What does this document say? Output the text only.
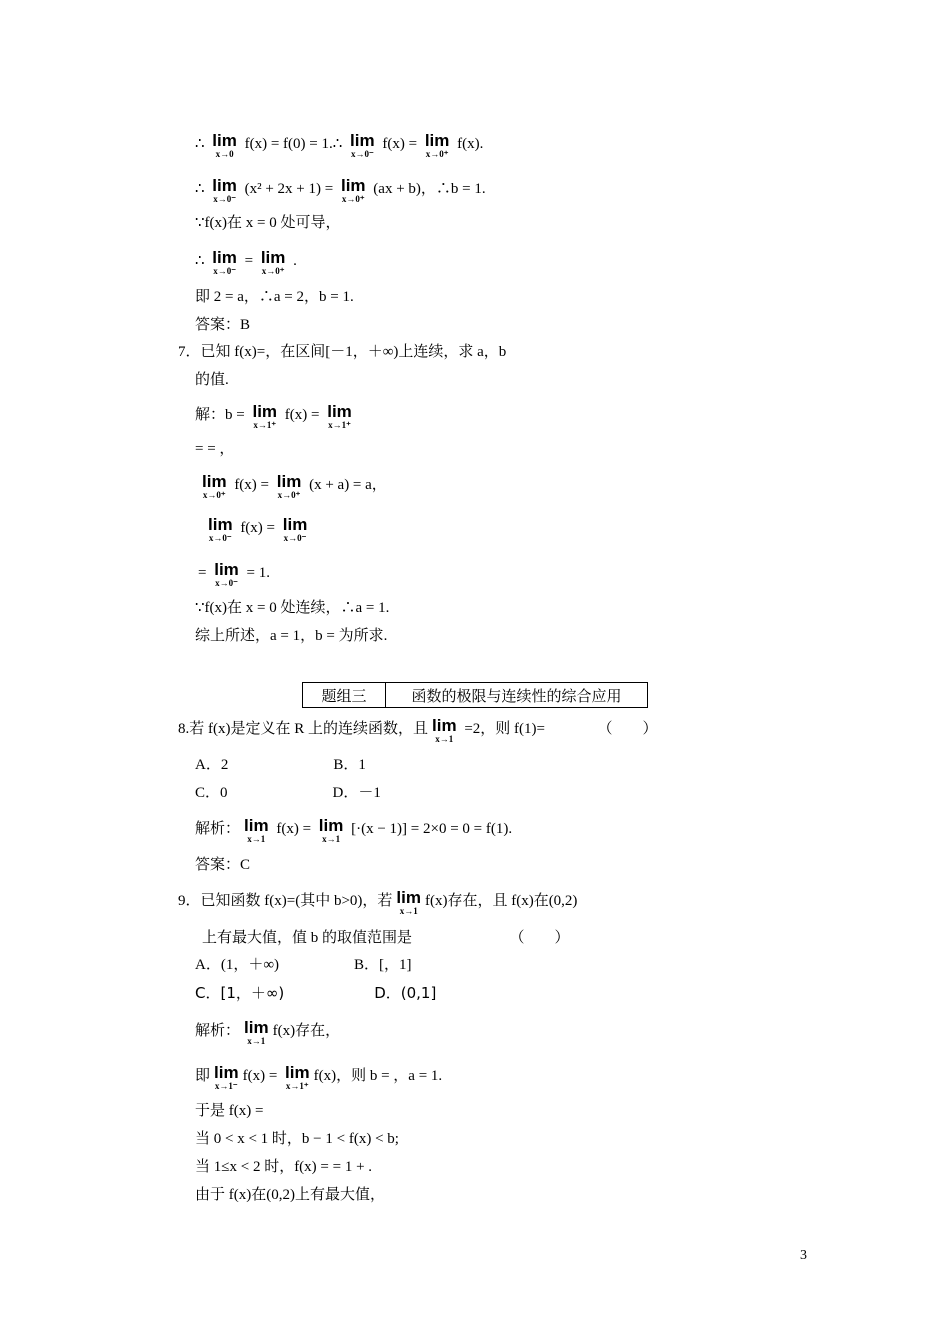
∴ lim
x→0
f(x) = f(0) = 1.∴ lim
x→0⁻
f(x) = lim
x→0⁺
f(x).
∴ lim
x→0⁻
(x² + 2x + 1) = lim
x→0⁺
(ax + b)，∴b = 1.
∵f(x)在 x = 0 处可导，
∴ lim
x→0⁻
= lim
x→0⁺
.
即 2 = a，∴a = 2，b = 1.
答案：B
7．已知 f(x)=，在区间[－1，＋∞)上连续，求 a，b
的值.
解：b = lim
x→1⁺
f(x) = lim
x→1⁺
= = ，
lim
x→0⁺
f(x) = lim
x→0⁺
(x + a) = a，
lim
x→0⁻
f(x) = lim
x→0⁻
= lim
x→0⁻
= 1.
∵f(x)在 x = 0 处连续，∴a = 1.
综上所述，a = 1，b = 为所求.
8.若 f(x)是定义在 R 上的连续函数，且 lim
x→1
=2，则 f(1)=　　　　（　　）
A．2　　　　　　　B．1
C．0　　　　　　　D．－1
解析： lim
x→1
f(x) = lim
x→1
[·(x − 1)] = 2×0 = 0 = f(1).
答案：C
9．已知函数 f(x)=(其中 b>0)，若 lim
x→1
f(x)存在，且 f(x)在(0,2)
上有最大值，值 b 的取值范围是　　　　　　　（　　）
A．(1，＋∞)　　　　　B．[，1]
C．[1，＋∞)　　　　　　D．(0,1]
解析： lim
x→1
f(x)存在，
即 lim
x→1⁻
f(x) = lim
x→1⁺
f(x)，则 b = ，a = 1.
于是 f(x) =
当 0 < x < 1 时，b − 1 < f(x) < b;
当 1≤x < 2 时，f(x) = = 1 + .
由于 f(x)在(0,2)上有最大值，
题组三	函数的极限与连续性的综合应用
3
